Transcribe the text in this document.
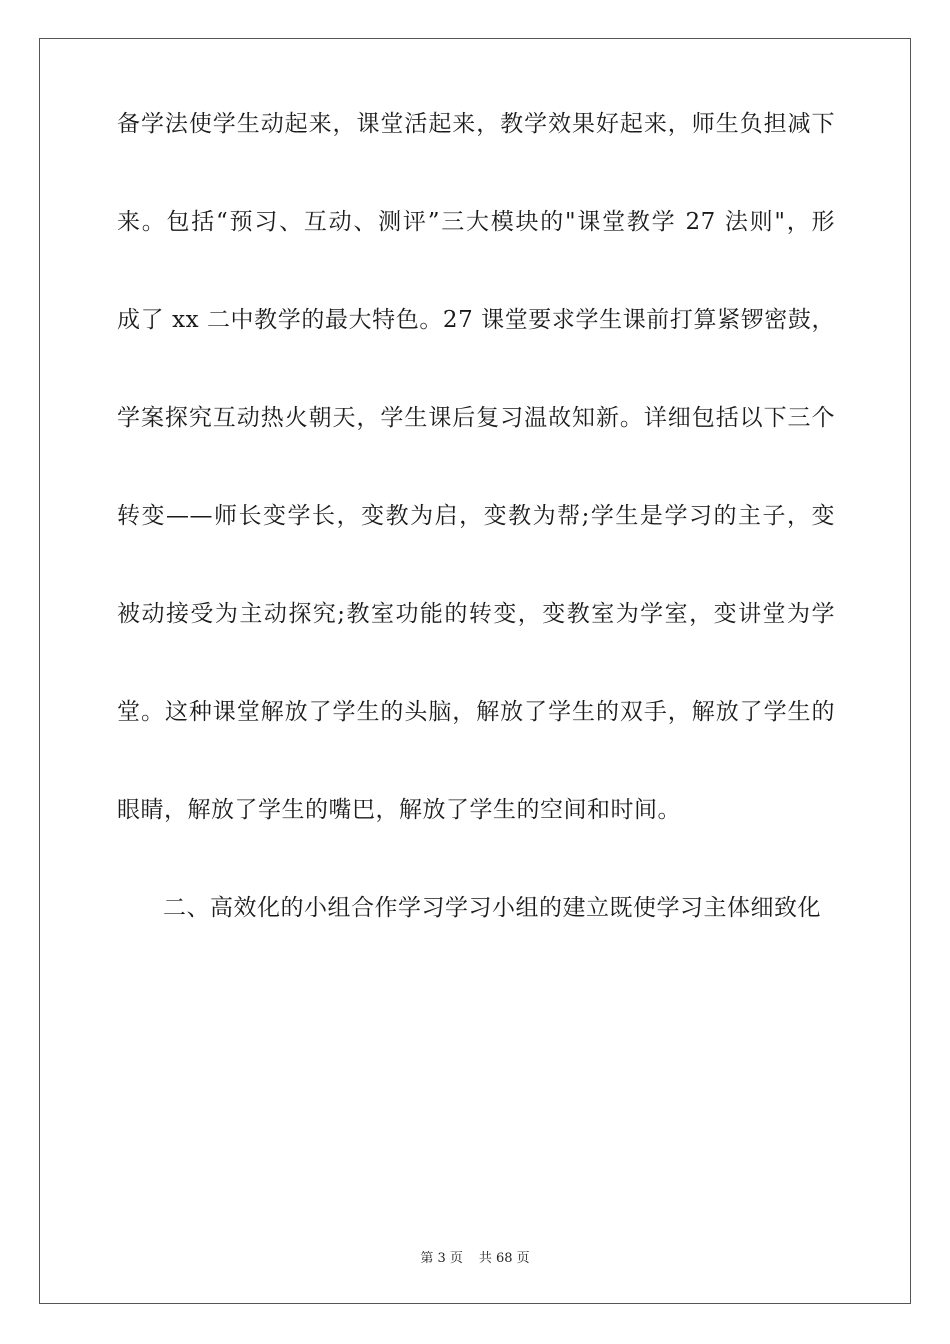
备学法使学生动起来，课堂活起来，教学效果好起来，师生负担减下
来。包括“预习、互动、测评”三大模块的"课堂教学 27 法则"，形
成了 xx 二中教学的最大特色。27 课堂要求学生课前打算紧锣密鼓，
学案探究互动热火朝天，学生课后复习温故知新。详细包括以下三个
转变——师长变学长，变教为启，变教为帮;学生是学习的主子，变
被动接受为主动探究;教室功能的转变，变教室为学室，变讲堂为学
堂。这种课堂解放了学生的头脑，解放了学生的双手，解放了学生的
眼睛，解放了学生的嘴巴，解放了学生的空间和时间。
二、高效化的小组合作学习学习小组的建立既使学习主体细致化
第 3 页 共 68 页
